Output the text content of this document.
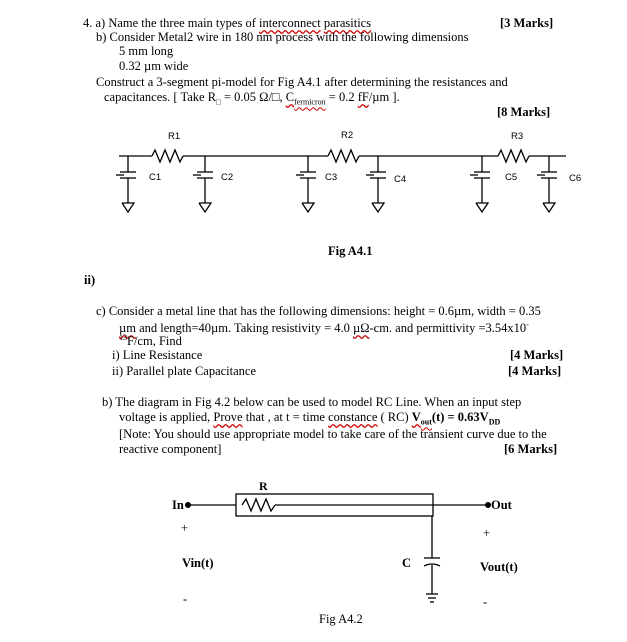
4. a) Name the three main types of interconnect parasitics	[3 Marks]
b) Consider Metal2 wire in 180 nm process with the following dimensions
5 mm long
0.32 µm wide
Construct a 3-segment pi-model for Fig A4.1 after determining the resistances and
capacitances. [ Take $R_□ = 0.05$ Ω/□, $C_{fermicron} = 0.2$ fF/µm ].
[8 Marks]
R1	R2	R3
C1	C2	C3	C4	C5	C6
Fig A4.1
ii)
c) Consider a metal line that has the following dimensions: height = 0.6µm, width = 0.35
µm and length=40µm. Taking resistivity = 4.0 µΩ-cm. and permittivity =3.54x10-
$^{13}$F/cm, Find
i) Line Resistance	[4 Marks]
ii) Parallel plate Capacitance	[4 Marks]
b) The diagram in Fig 4.2 below can be used to model RC Line. When an input step
voltage is applied, Prove that , at t = time constance ( RC) $V_{out}(t) = 0.63V_{DD}$
[Note: You should use appropriate model to take care of the transient curve due to the
reactive component]	[6 Marks]
R
In	Out
+	+
Vin(t)	Vout(t)
C
-	-
Fig A4.2
